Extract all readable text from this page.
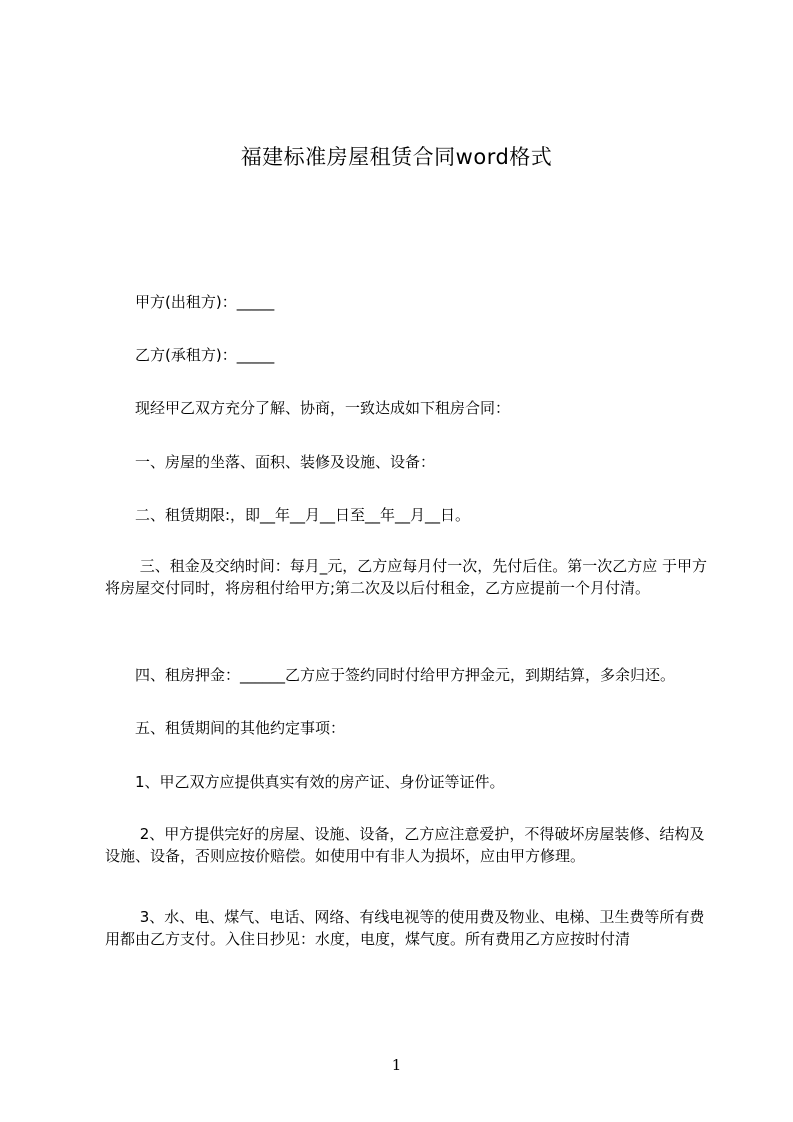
福建标准房屋租赁合同word格式
　　甲方(出租方)：_____
　　乙方(承租方)：_____
　　现经甲乙双方充分了解、协商，一致达成如下租房合同：
　　一、房屋的坐落、面积、装修及设施、设备：
　　二、租赁期限:，即__年__月__日至__年__月__日。
　　 三、租金及交纳时间：每月_元，乙方应每月付一次，先付后住。第一次乙方应 于甲方将房屋交付同时，将房租付给甲方;第二次及以后付租金，乙方应提前一个月付清。
　　四、租房押金：______乙方应于签约同时付给甲方押金元，到期结算，多余归还。
　　五、租赁期间的其他约定事项：
　　1、甲乙双方应提供真实有效的房产证、身份证等证件。
　　 2、甲方提供完好的房屋、设施、设备，乙方应注意爱护，不得破坏房屋装修、结构及设施、设备，否则应按价赔偿。如使用中有非人为损坏，应由甲方修理。
　　 3、水、电、煤气、电话、网络、有线电视等的使用费及物业、电梯、卫生费等所有费用都由乙方支付。入住日抄见：水度，电度，煤气度。所有费用乙方应按时付清
1
